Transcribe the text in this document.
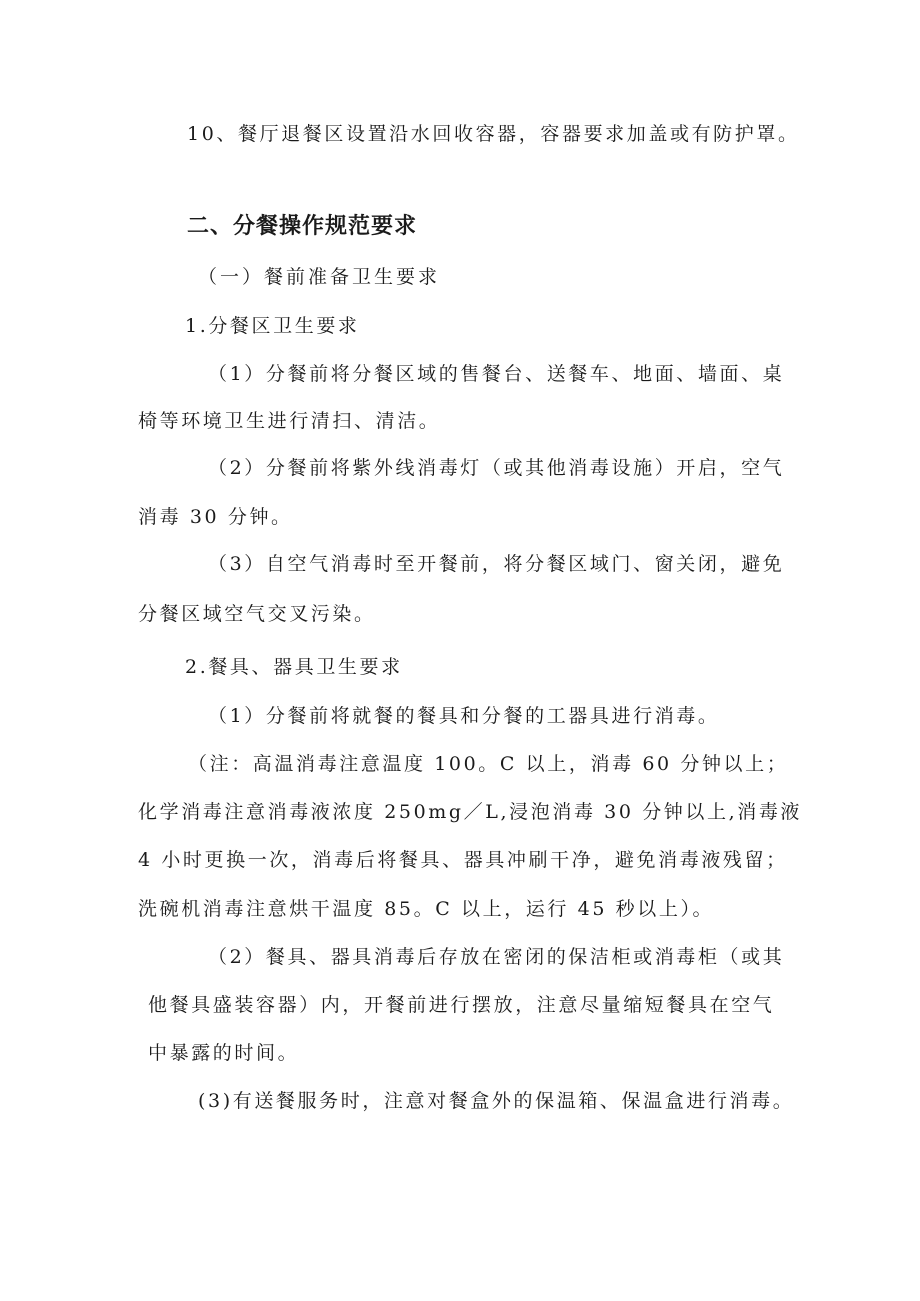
10、餐厅退餐区设置沿水回收容器，容器要求加盖或有防护罩。
二、分餐操作规范要求
（一）餐前准备卫生要求
1.分餐区卫生要求
（1）分餐前将分餐区域的售餐台、送餐车、地面、墙面、桌
椅等环境卫生进行清扫、清洁。
（2）分餐前将紫外线消毒灯（或其他消毒设施）开启，空气
消毒 30 分钟。
（3）自空气消毒时至开餐前，将分餐区域门、窗关闭，避免
分餐区域空气交叉污染。
2.餐具、器具卫生要求
（1）分餐前将就餐的餐具和分餐的工器具进行消毒。
（注：高温消毒注意温度 100。C 以上，消毒 60 分钟以上；
化学消毒注意消毒液浓度 250mg／L,浸泡消毒 30 分钟以上,消毒液
4 小时更换一次，消毒后将餐具、器具冲刷干净，避免消毒液残留；
洗碗机消毒注意烘干温度 85。C 以上，运行 45 秒以上）。
（2）餐具、器具消毒后存放在密闭的保洁柜或消毒柜（或其
他餐具盛装容器）内，开餐前进行摆放，注意尽量缩短餐具在空气
中暴露的时间。
(3)有送餐服务时，注意对餐盒外的保温箱、保温盒进行消毒。
